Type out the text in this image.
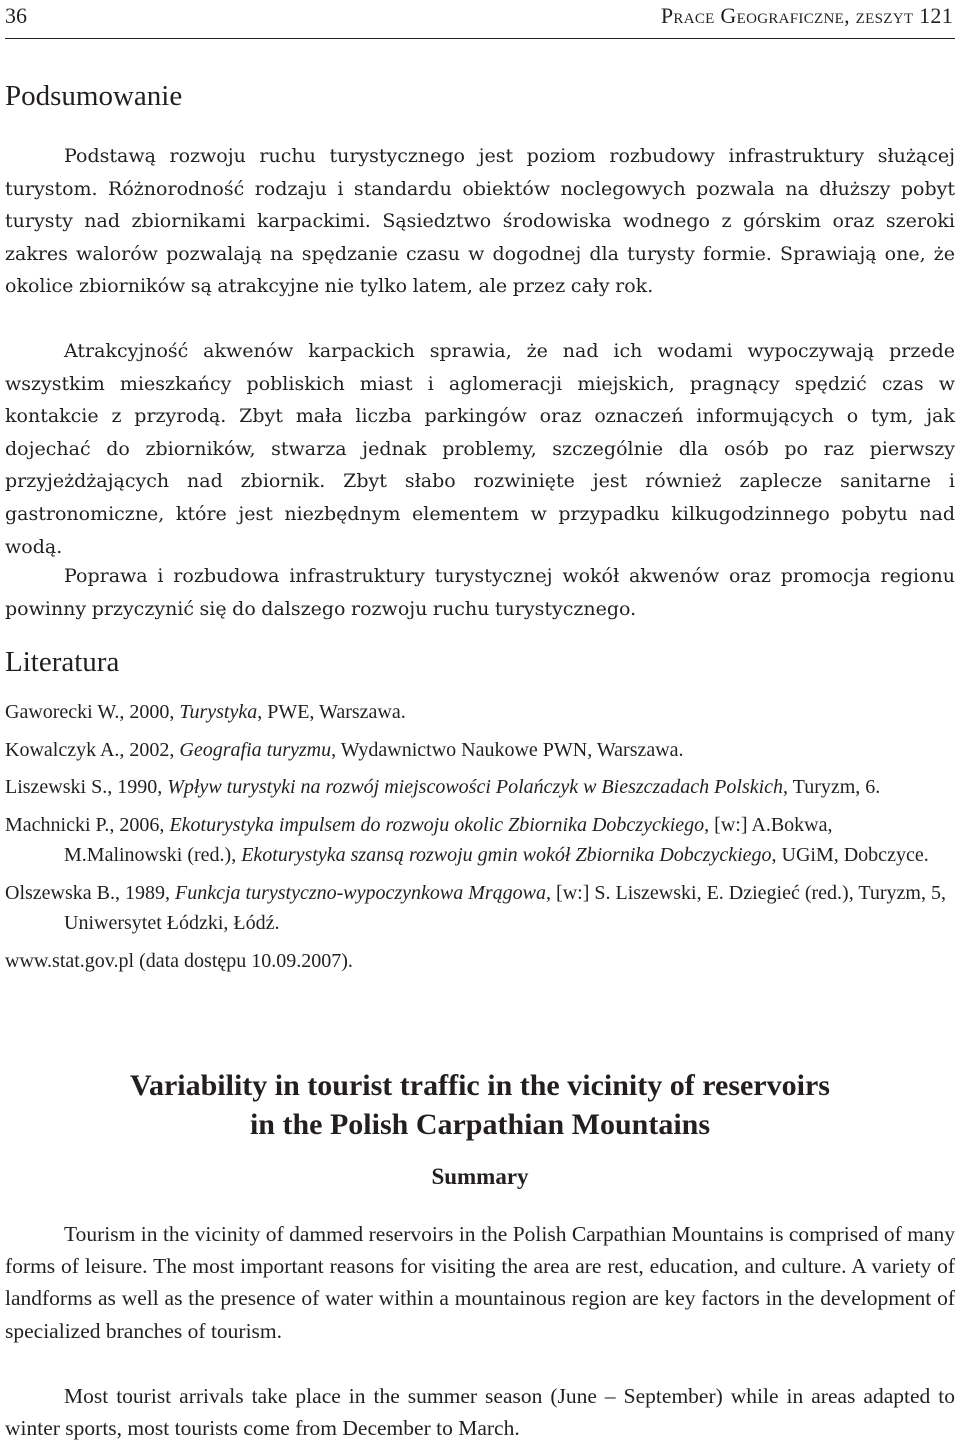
36	Prace Geograficzne, zeszyt 121
Podsumowanie

Podstawą rozwoju ruchu turystycznego jest poziom rozbudowy infrastruktury służącej turystom. Różnorodność rodzaju i standardu obiektów noclegowych pozwala na dłuższy pobyt turysty nad zbiornikami karpackimi. Sąsiedztwo środowiska wodnego z górskim oraz szeroki zakres walorów pozwalają na spędzanie czasu w dogodnej dla turysty formie. Sprawiają one, że okolice zbiorników są atrakcyjne nie tylko latem, ale przez cały rok.

Atrakcyjność akwenów karpackich sprawia, że nad ich wodami wypoczywają przede wszystkim mieszkańcy pobliskich miast i aglomeracji miejskich, pragnący spędzić czas w kontakcie z przyrodą. Zbyt mała liczba parkingów oraz oznaczeń informujących o tym, jak dojechać do zbiorników, stwarza jednak problemy, szczególnie dla osób po raz pierwszy przyjeżdżających nad zbiornik. Zbyt słabo rozwinięte jest również zaplecze sanitarne i gastronomiczne, które jest niezbędnym elementem w przypadku kilkugodzinnego pobytu nad wodą.

Poprawa i rozbudowa infrastruktury turystycznej wokół akwenów oraz promocja regionu powinny przyczynić się do dalszego rozwoju ruchu turystycznego.

Literatura
Gaworecki W., 2000, Turystyka, PWE, Warszawa.
Kowalczyk A., 2002, Geografia turyzmu, Wydawnictwo Naukowe PWN, Warszawa.
Liszewski S., 1990, Wpływ turystyki na rozwój miejscowości Polańczyk w Bieszczadach Polskich, Turyzm, 6.
Machnicki P., 2006, Ekoturystyka impulsem do rozwoju okolic Zbiornika Dobczyckiego, [w:] A.Bokwa, M.Malinowski (red.), Ekoturystyka szansą rozwoju gmin wokół Zbiornika Dobczyckiego, UGiM, Dobczyce.
Olszewska B., 1989, Funkcja turystyczno-wypoczynkowa Mrągowa, [w:] S. Liszewski, E. Dziegieć (red.), Turyzm, 5, Uniwersytet Łódzki, Łódź.
www.stat.gov.pl (data dostępu 10.09.2007).
Variability in tourist traffic in the vicinity of reservoirs
in the Polish Carpathian Mountains
Summary

Tourism in the vicinity of dammed reservoirs in the Polish Carpathian Mountains is comprised of many forms of leisure. The most important reasons for visiting the area are rest, education, and culture. A variety of landforms as well as the presence of water within a mountainous region are key factors in the development of specialized branches of tourism.

Most tourist arrivals take place in the summer season (June – September) while in areas adapted to winter sports, most tourists come from December to March.
